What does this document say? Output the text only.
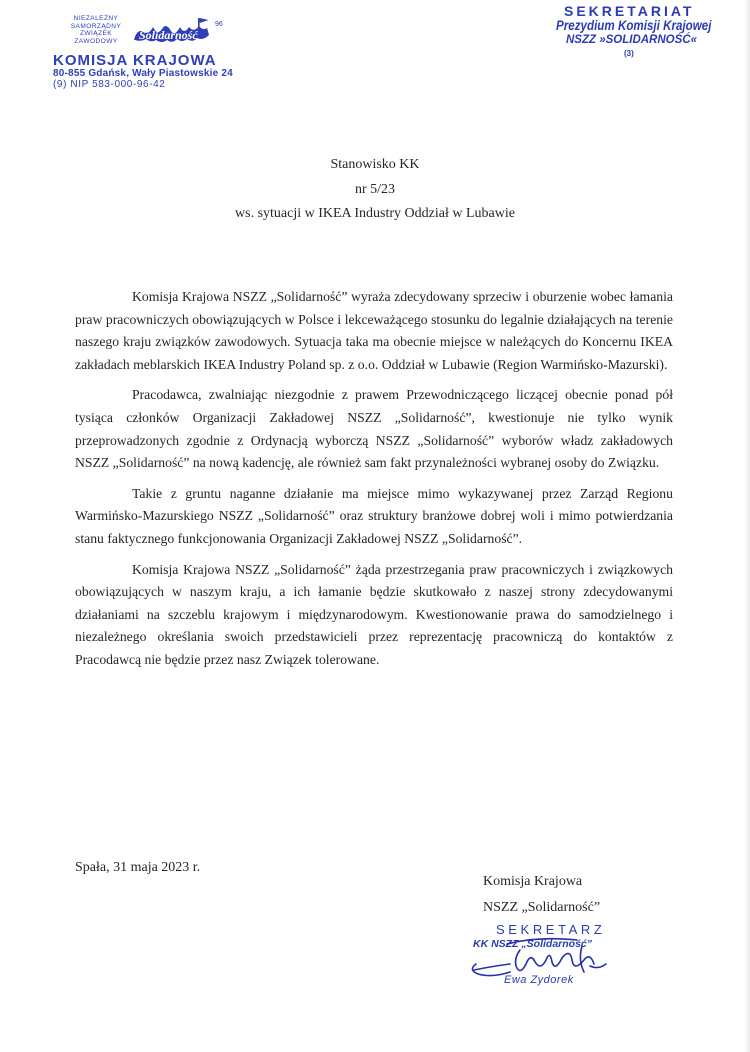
NIEZALEŻNY
SAMORZĄDNY
ZWIĄZEK
ZAWODOWY	Solidarność
96
KOMISJA KRAJOWA
80-855 Gdańsk, Wały Piastowskie 24
(9) NIP 583-000-96-42
SEKRETARIAT
Prezydium Komisji Krajowej
NSZZ »SOLIDARNOŚĆ«
(3)
Stanowisko KK
nr 5/23
ws. sytuacji w IKEA Industry Oddział w Lubawie

Komisja Krajowa NSZZ „Solidarność” wyraża zdecydowany sprzeciw i oburzenie wobec łamania praw pracowniczych obowiązujących w Polsce i lekceważącego stosunku do legalnie działających na terenie naszego kraju związków zawodowych. Sytuacja taka ma obecnie miejsce w należących do Koncernu IKEA zakładach meblarskich IKEA Industry Poland sp. z o.o. Oddział w Lubawie (Region Warmińsko-Mazurski).

Pracodawca, zwalniając niezgodnie z prawem Przewodniczącego liczącej obecnie ponad pół tysiąca członków Organizacji Zakładowej NSZZ „Solidarność”, kwestionuje nie tylko wynik przeprowadzonych zgodnie z Ordynacją wyborczą NSZZ „Solidarność” wyborów władz zakładowych NSZZ „Solidarność” na nową kadencję, ale również sam fakt przynależności wybranej osoby do Związku.

Takie z gruntu naganne działanie ma miejsce mimo wykazywanej przez Zarząd Regionu Warmińsko-Mazurskiego NSZZ „Solidarność” oraz struktury branżowe dobrej woli i mimo potwierdzania stanu faktycznego funkcjonowania Organizacji Zakładowej NSZZ „Solidarność”.

Komisja Krajowa NSZZ „Solidarność” żąda przestrzegania praw pracowniczych i związkowych obowiązujących w naszym kraju, a ich łamanie będzie skutkowało z naszej strony zdecydowanymi działaniami na szczeblu krajowym i międzynarodowym. Kwestionowanie prawa do samodzielnego i niezależnego określania swoich przedstawicieli przez reprezentację pracowniczą do kontaktów z Pracodawcą nie będzie przez nasz Związek tolerowane.

Spała, 31 maja 2023 r.
Komisja Krajowa
NSZZ „Solidarność”
SEKRETARZ
KK NSZZ „Solidarność”
Ewa Zydorek
